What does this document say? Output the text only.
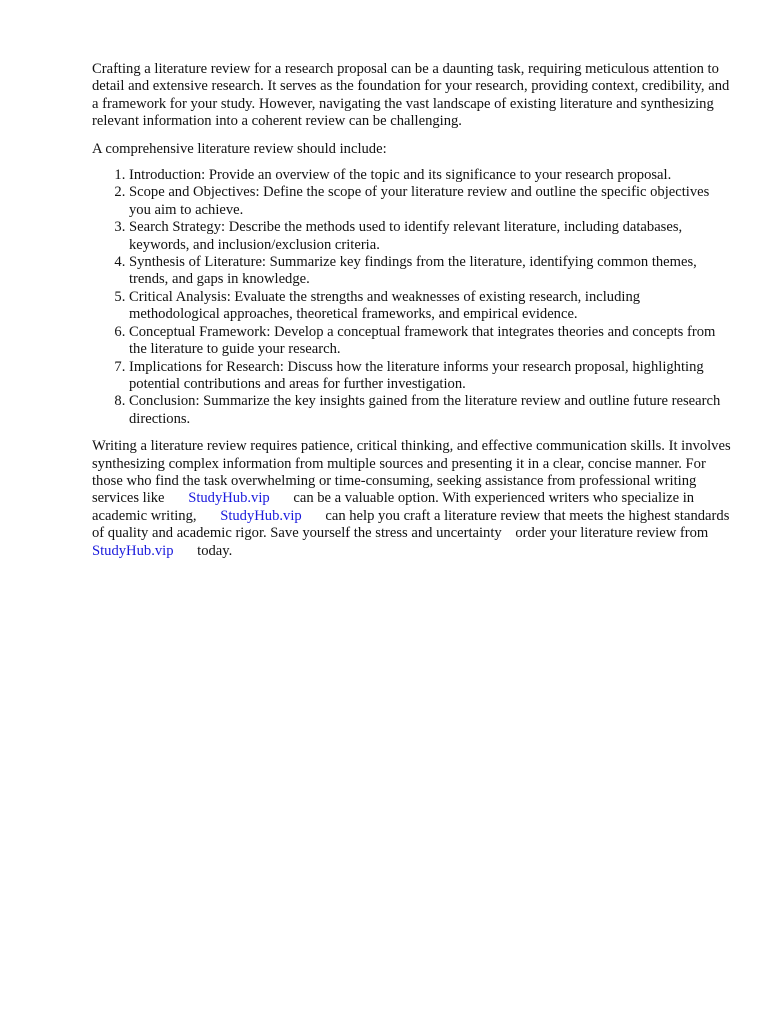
Crafting a literature review for a research proposal can be a daunting task, requiring meticulous attention to detail and extensive research. It serves as the foundation for your research, providing context, credibility, and a framework for your study. However, navigating the vast landscape of existing literature and synthesizing relevant information into a coherent review can be challenging.

A comprehensive literature review should include:

1. Introduction: Provide an overview of the topic and its significance to your research proposal.
2. Scope and Objectives: Define the scope of your literature review and outline the specific objectives you aim to achieve.
3. Search Strategy: Describe the methods used to identify relevant literature, including databases, keywords, and inclusion/exclusion criteria.
4. Synthesis of Literature: Summarize key findings from the literature, identifying common themes, trends, and gaps in knowledge.
5. Critical Analysis: Evaluate the strengths and weaknesses of existing research, including methodological approaches, theoretical frameworks, and empirical evidence.
6. Conceptual Framework: Develop a conceptual framework that integrates theories and concepts from the literature to guide your research.
7. Implications for Research: Discuss how the literature informs your research proposal, highlighting potential contributions and areas for further investigation.
8. Conclusion: Summarize the key insights gained from the literature review and outline future research directions.

Writing a literature review requires patience, critical thinking, and effective communication skills. It involves synthesizing complex information from multiple sources and presenting it in a clear, concise manner. For those who find the task overwhelming or time-consuming, seeking assistance from professional writing services like StudyHub.vip can be a valuable option. With experienced writers who specialize in academic writing, StudyHub.vip can help you craft a literature review that meets the highest standards of quality and academic rigor. Save yourself the stress and uncertainty order your literature review from StudyHub.vip today.
